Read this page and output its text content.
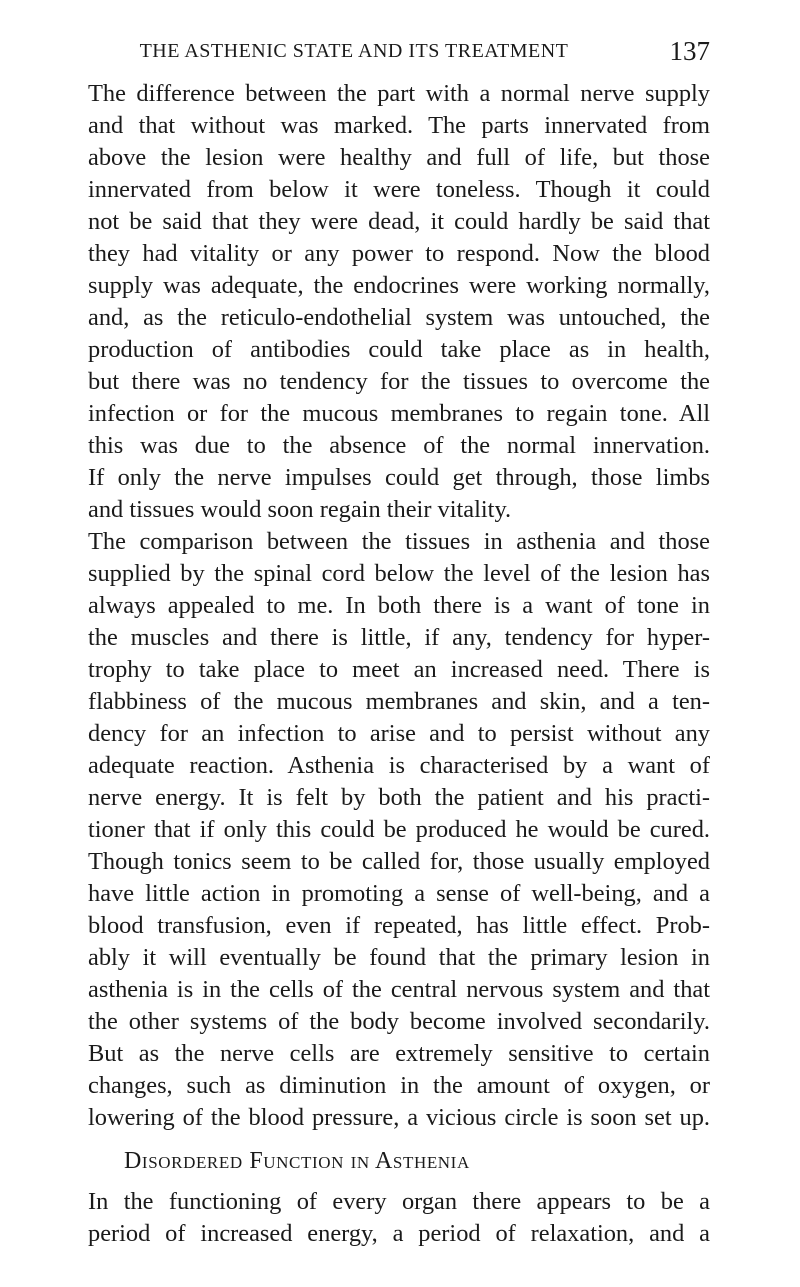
THE ASTHENIC STATE AND ITS TREATMENT	137
The difference between the part with a normal nerve supply
and that without was marked. The parts innervated from
above the lesion were healthy and full of life, but those
innervated from below it were toneless. Though it could
not be said that they were dead, it could hardly be said that
they had vitality or any power to respond. Now the blood
supply was adequate, the endocrines were working normally,
and, as the reticulo-endothelial system was untouched, the
production of antibodies could take place as in health,
but there was no tendency for the tissues to overcome the
infection or for the mucous membranes to regain tone. All
this was due to the absence of the normal innervation.
If only the nerve impulses could get through, those limbs
and tissues would soon regain their vitality.
The comparison between the tissues in asthenia and those
supplied by the spinal cord below the level of the lesion has
always appealed to me. In both there is a want of tone in
the muscles and there is little, if any, tendency for hyper-
trophy to take place to meet an increased need. There is
flabbiness of the mucous membranes and skin, and a ten-
dency for an infection to arise and to persist without any
adequate reaction. Asthenia is characterised by a want of
nerve energy. It is felt by both the patient and his practi-
tioner that if only this could be produced he would be cured.
Though tonics seem to be called for, those usually employed
have little action in promoting a sense of well-being, and a
blood transfusion, even if repeated, has little effect. Prob-
ably it will eventually be found that the primary lesion in
asthenia is in the cells of the central nervous system and that
the other systems of the body become involved secondarily.
But as the nerve cells are extremely sensitive to certain
changes, such as diminution in the amount of oxygen, or
lowering of the blood pressure, a vicious circle is soon set up.
Disordered Function in Asthenia
In the functioning of every organ there appears to be a
period of increased energy, a period of relaxation, and a
